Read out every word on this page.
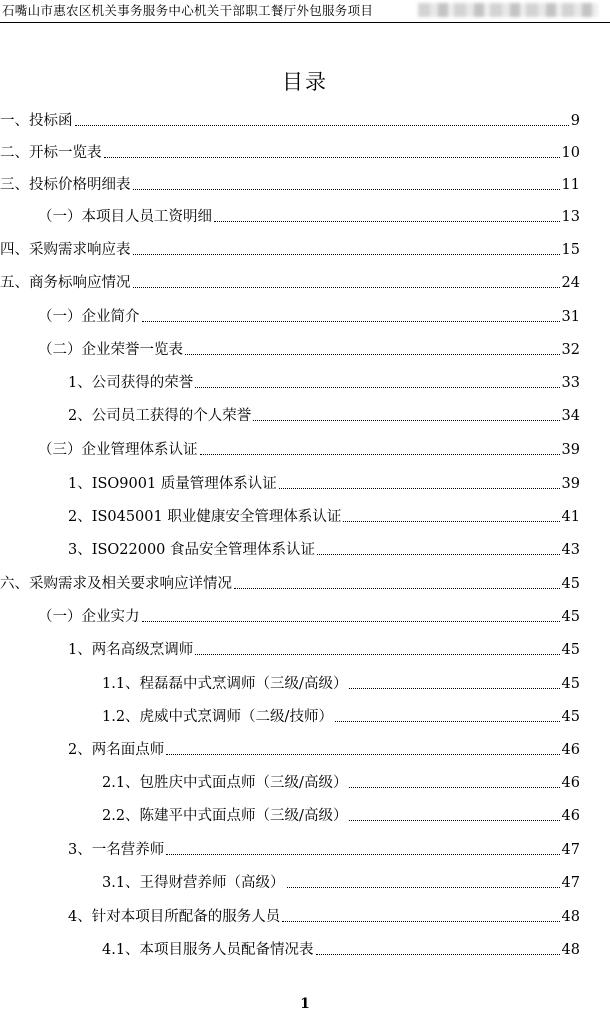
石嘴山市惠农区机关事务服务中心机关干部职工餐厅外包服务项目
目录
一、投标函	9
二、开标一览表	10
三、投标价格明细表	11
（一）本项目人员工资明细	13
四、采购需求响应表	15
五、商务标响应情况	24
（一）企业简介	31
（二）企业荣誉一览表	32
1、公司获得的荣誉	33
2、公司员工获得的个人荣誉	34
（三）企业管理体系认证	39
1、ISO9001 质量管理体系认证	39
2、IS045001 职业健康安全管理体系认证	41
3、ISO22000 食品安全管理体系认证	43
六、采购需求及相关要求响应详情况	45
（一）企业实力	45
1、两名高级烹调师	45
1.1、程磊磊中式烹调师（三级/高级）	45
1.2、虎威中式烹调师（二级/技师）	45
2、两名面点师	46
2.1、包胜庆中式面点师（三级/高级）	46
2.2、陈建平中式面点师（三级/高级）	46
3、一名营养师	47
3.1、王得财营养师（高级）	47
4、针对本项目所配备的服务人员	48
4.1、本项目服务人员配备情况表	48
1
